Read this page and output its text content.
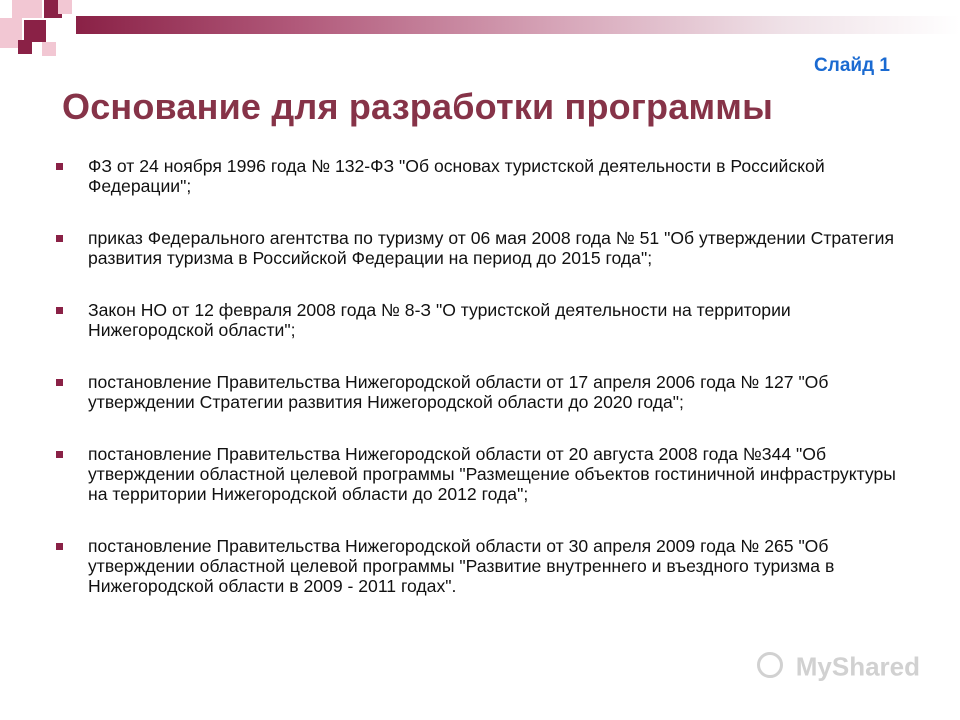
Слайд 1
Основание для разработки программы
ФЗ от 24 ноября 1996 года № 132-ФЗ "Об основах туристской деятельности в Российской Федерации";
приказ Федерального агентства по туризму от 06 мая 2008 года № 51 "Об утверждении Стратегия развития туризма в Российской Федерации на период до 2015 года";
Закон НО от 12 февраля 2008 года № 8-З "О туристской деятельности на территории Нижегородской области";
постановление Правительства Нижегородской области от 17 апреля 2006 года № 127 "Об утверждении Стратегии развития Нижегородской области до 2020 года";
постановление Правительства Нижегородской области от 20 августа 2008 года №344 "Об утверждении областной целевой программы "Размещение объектов гостиничной инфраструктуры на территории Нижегородской области до 2012 года";
постановление Правительства Нижегородской области от 30 апреля 2009 года № 265 "Об утверждении областной целевой программы "Развитие внутреннего и въездного туризма в Нижегородской области в 2009 - 2011 годах".
MyShared
